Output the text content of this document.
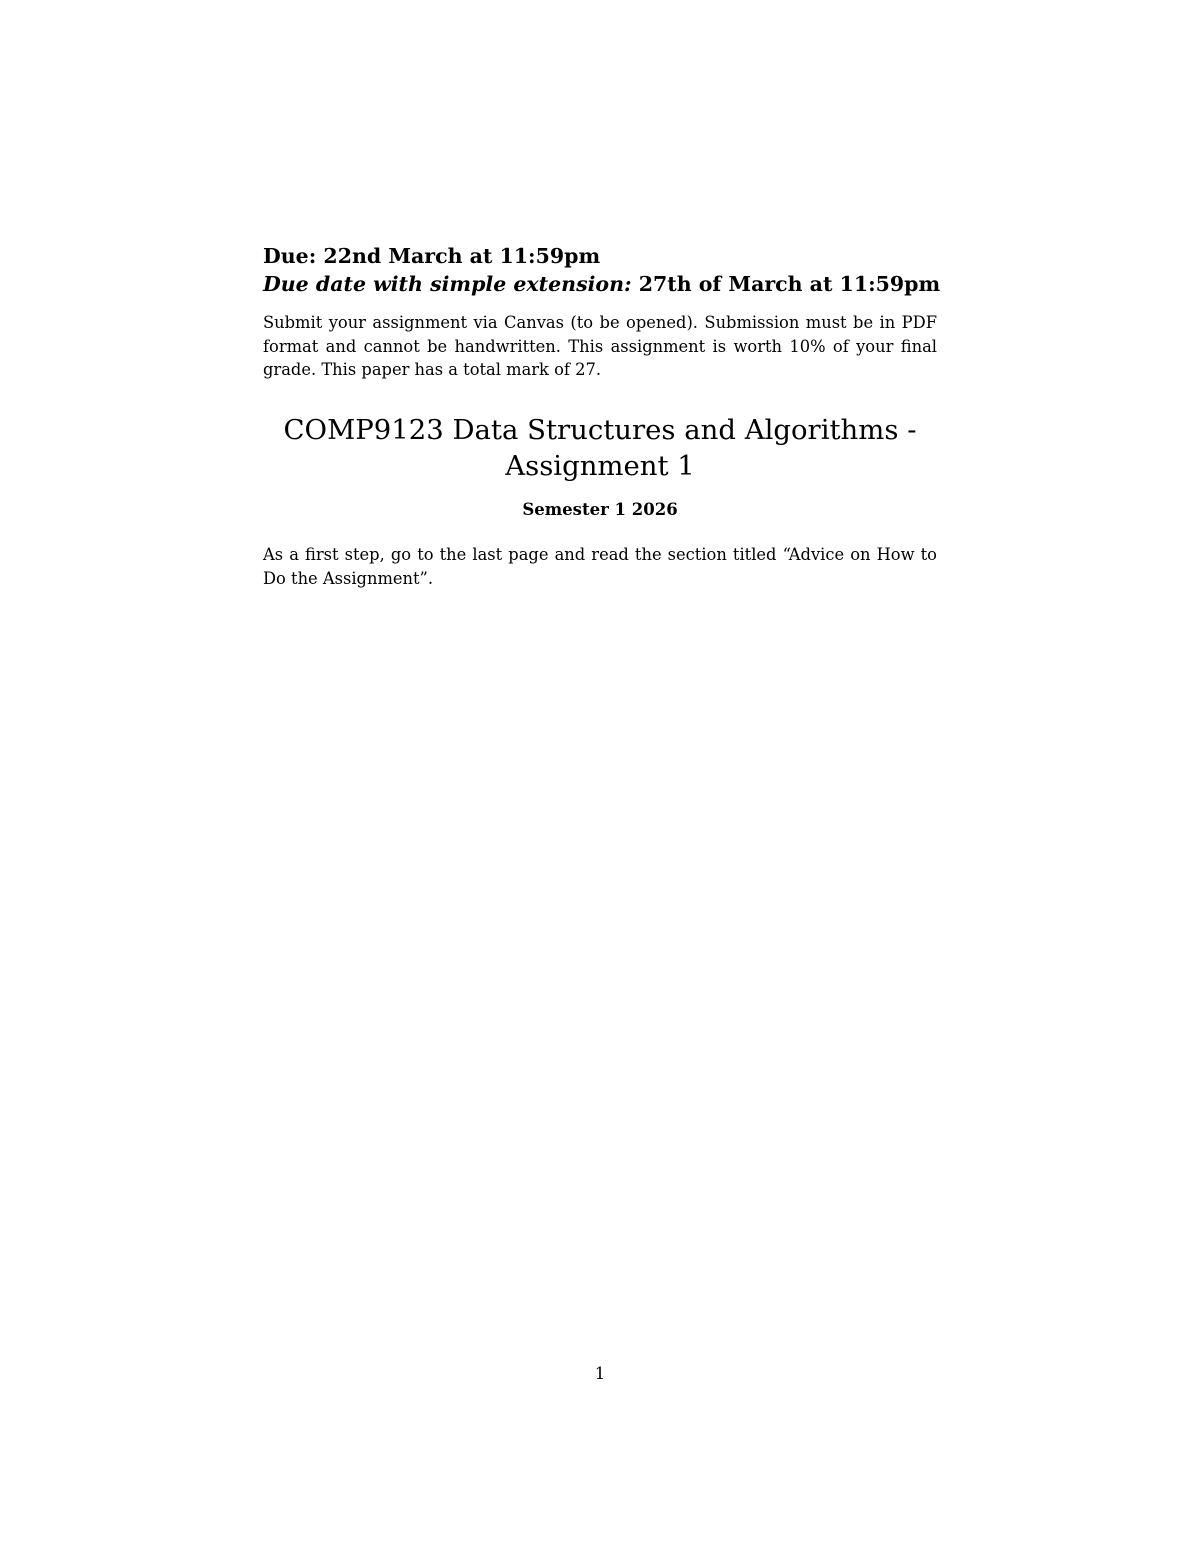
Due: 22nd March at 11:59pm
Due date with simple extension: 27th of March at 11:59pm
Submit your assignment via Canvas (to be opened). Submission must be in PDF format and cannot be handwritten. This assignment is worth 10% of your final grade. This paper has a total mark of 27.
COMP9123 Data Structures and Algorithms -
Assignment 1
Semester 1 2026
As a first step, go to the last page and read the section titled “Advice on How to Do the Assignment”.
1
